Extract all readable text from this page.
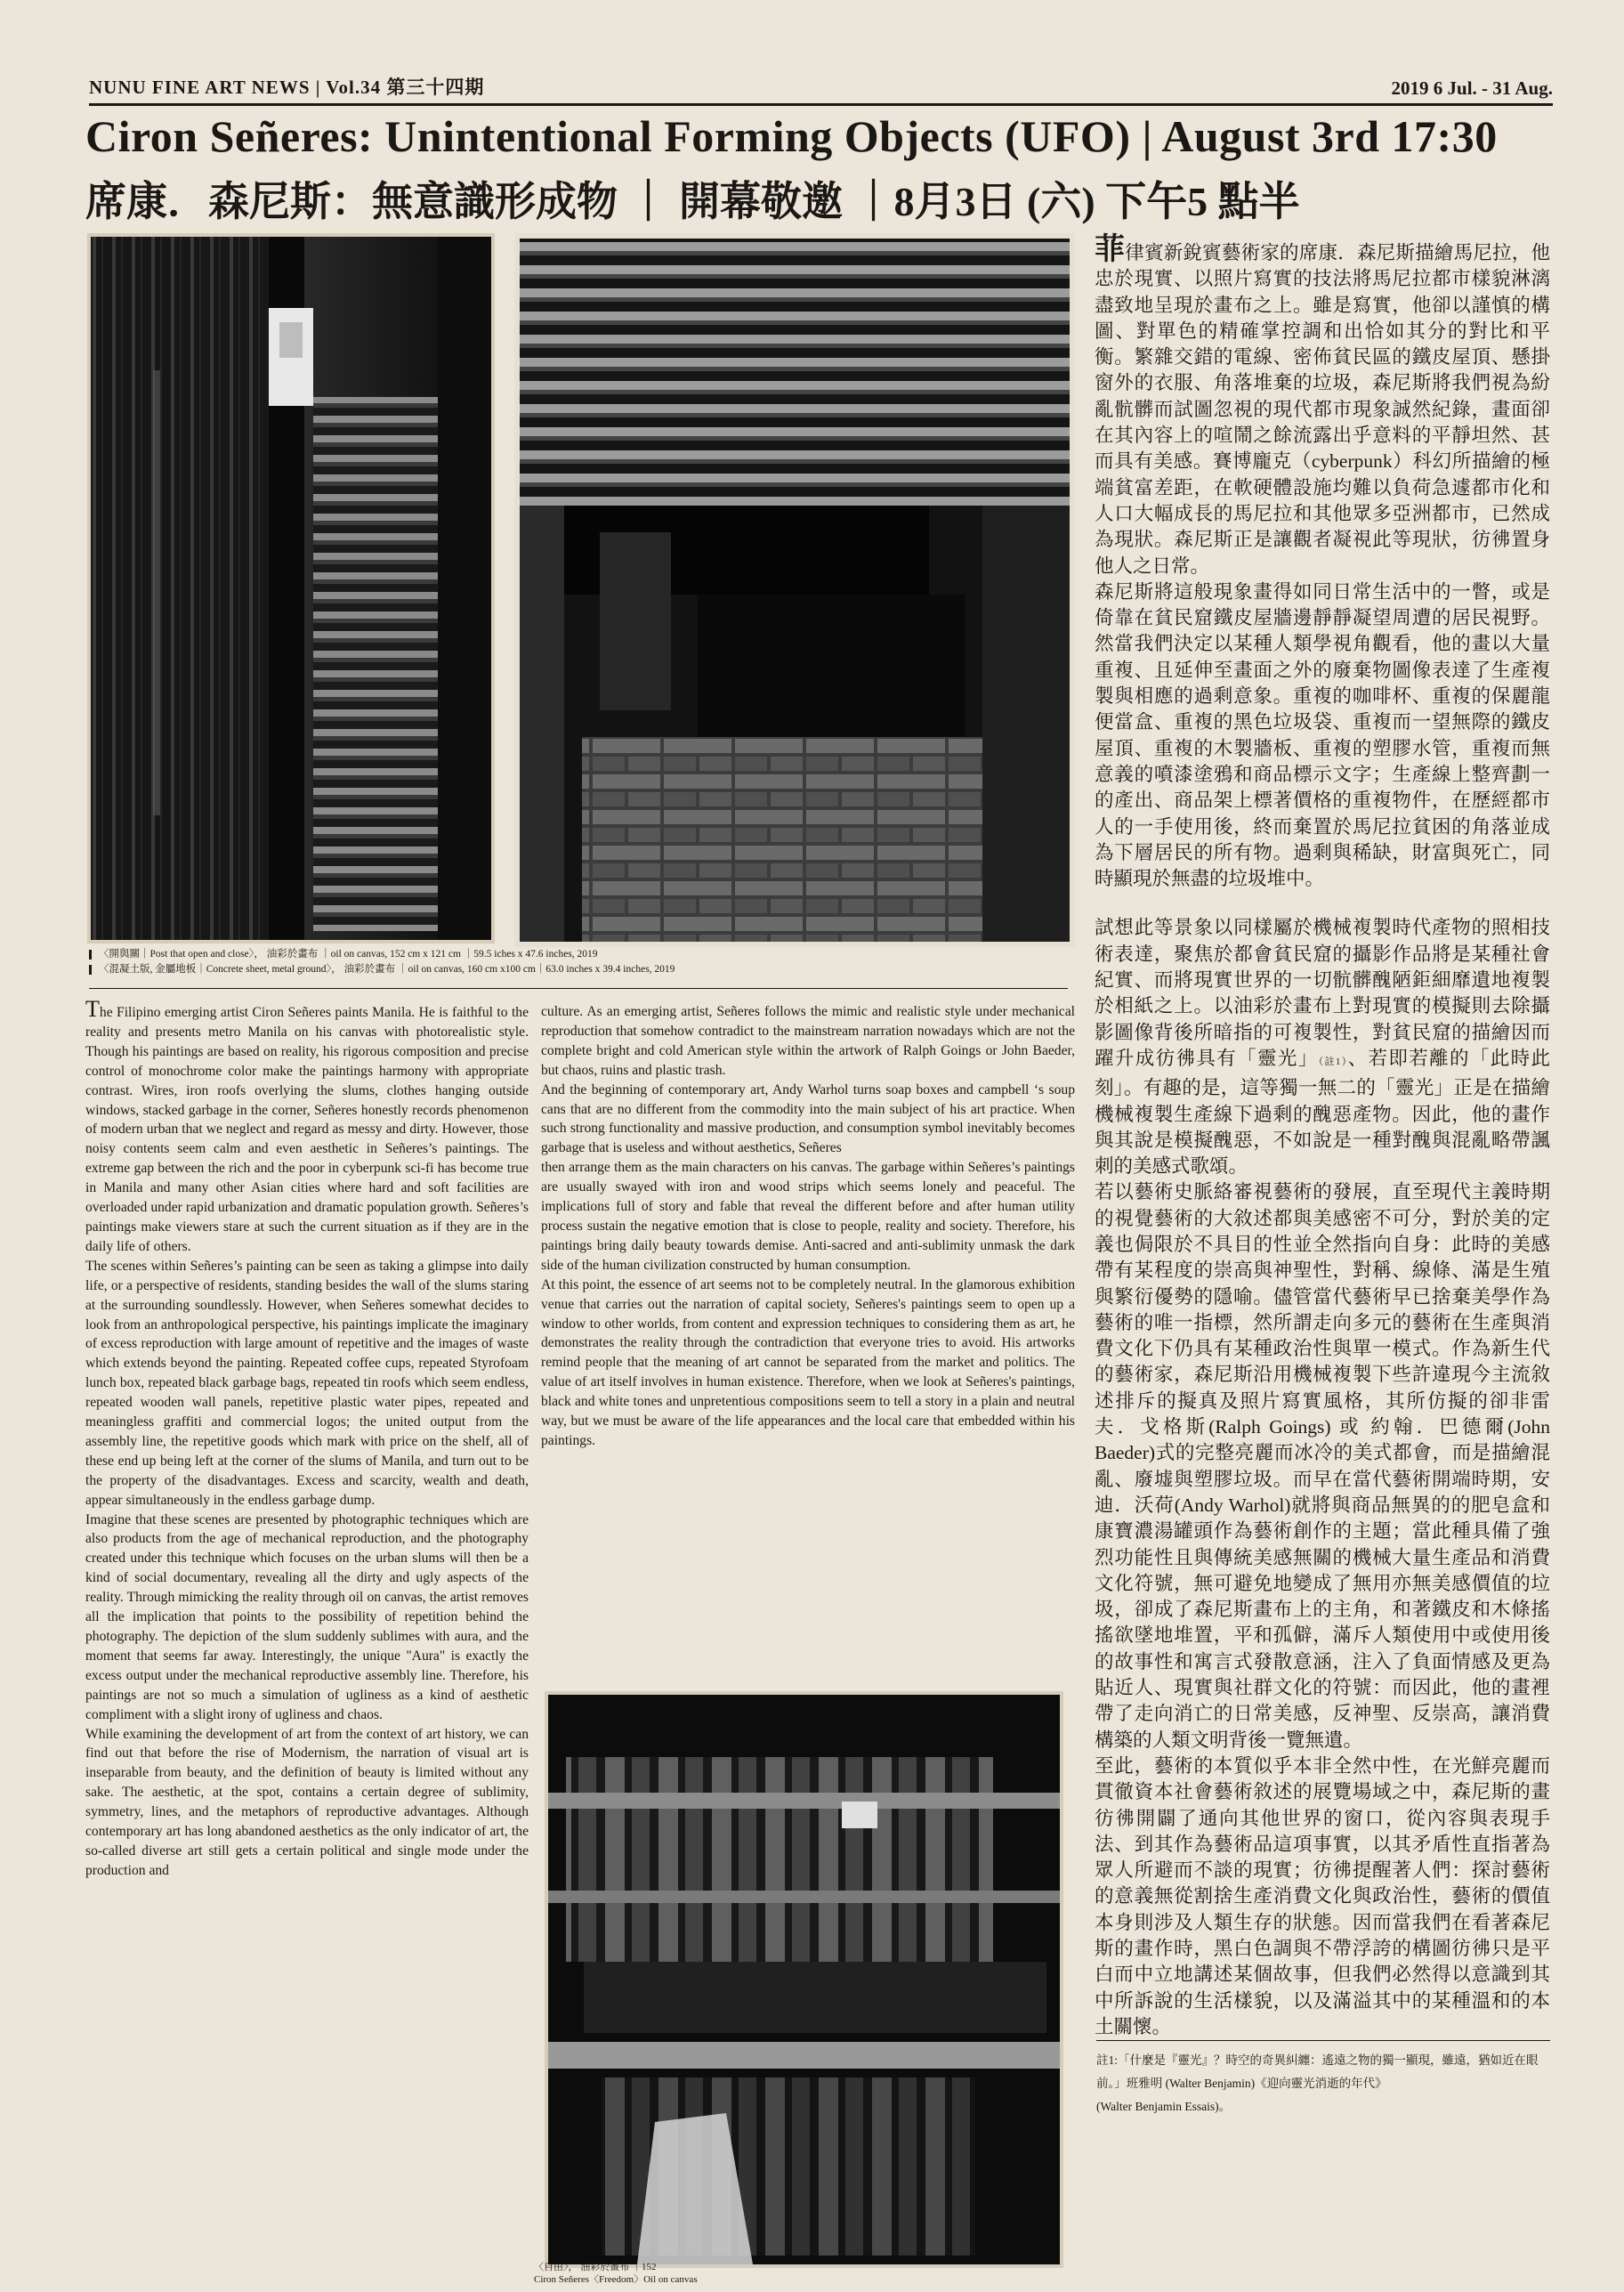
NUNU FINE ART NEWS | Vol.34 第三十四期	2019 6 Jul. - 31 Aug.
Ciron Señeres: Unintentional Forming Objects (UFO) | August 3rd 17:30
席康．森尼斯：無意識形成物 ｜ 開幕敬邀 ｜8月3日 (六) 下午5 點半
〈開與關｜Post that open and close〉， 油彩於畫布 ｜oil on canvas, 152 cm x 121 cm ｜59.5 iches x 47.6 inches, 2019
〈混凝土版, 金屬地板｜Concrete sheet, metal ground〉， 油彩於畫布 ｜oil on canvas, 160 cm x100 cm｜63.0 inches x 39.4 inches, 2019

The Filipino emerging artist Ciron Señeres paints Manila. He is faithful to the reality and presents metro Manila on his canvas with photorealistic style. Though his paintings are based on reality, his rigorous composition and precise control of monochrome color make the paintings harmony with appropriate contrast. Wires, iron roofs overlying the slums, clothes hanging outside windows, stacked garbage in the corner, Señeres honestly records phenomenon of modern urban that we neglect and regard as messy and dirty. However, those noisy contents seem calm and even aesthetic in Señeres’s paintings. The extreme gap between the rich and the poor in cyberpunk sci-fi has become true in Manila and many other Asian cities where hard and soft facilities are overloaded under rapid urbanization and dramatic population growth. Señeres’s paintings make viewers stare at such the current situation as if they are in the daily life of others.

The scenes within Señeres’s painting can be seen as taking a glimpse into daily life, or a perspective of residents, standing besides the wall of the slums staring at the surrounding soundlessly. However, when Señeres somewhat decides to look from an anthropological perspective, his paintings implicate the imaginary of excess reproduction with large amount of repetitive and the images of waste which extends beyond the painting. Repeated coffee cups, repeated Styrofoam lunch box, repeated black garbage bags, repeated tin roofs which seem endless, repeated wooden wall panels, repetitive plastic water pipes, repeated and meaningless graffiti and commercial logos; the united output from the assembly line, the repetitive goods which mark with price on the shelf, all of these end up being left at the corner of the slums of Manila, and turn out to be the property of the disadvantages. Excess and scarcity, wealth and death, appear simultaneously in the endless garbage dump.

Imagine that these scenes are presented by photographic techniques which are also products from the age of mechanical reproduction, and the photography created under this technique which focuses on the urban slums will then be a kind of social documentary, revealing all the dirty and ugly aspects of the reality. Through mimicking the reality through oil on canvas, the artist removes all the implication that points to the possibility of repetition behind the photography. The depiction of the slum suddenly sublimes with aura, and the moment that seems far away. Interestingly, the unique "Aura" is exactly the excess output under the mechanical reproductive assembly line. Therefore, his paintings are not so much a simulation of ugliness as a kind of aesthetic compliment with a slight irony of ugliness and chaos.

While examining the development of art from the context of art history, we can find out that before the rise of Modernism, the narration of visual art is inseparable from beauty, and the definition of beauty is limited without any sake. The aesthetic, at the spot, contains a certain degree of sublimity, symmetry, lines, and the metaphors of reproductive advantages. Although contemporary art has long abandoned aesthetics as the only indicator of art, the so-called diverse art still gets a certain political and single mode under the production and

culture. As an emerging artist, Señeres follows the mimic and realistic style under mechanical reproduction that somehow contradict to the mainstream narration nowadays which are not the complete bright and cold American style within the artwork of Ralph Goings or John Baeder, but chaos, ruins and plastic trash.

And the beginning of contemporary art, Andy Warhol turns soap boxes and campbell ‘s soup cans that are no different from the commodity into the main subject of his art practice. When such strong functionality and massive production, and consumption symbol inevitably becomes garbage that is useless and without aesthetics, Señeres

then arrange them as the main characters on his canvas. The garbage within Señeres’s paintings are usually swayed with iron and wood strips which seems lonely and peaceful. The implications full of story and fable that reveal the different before and after human utility process sustain the negative emotion that is close to people, reality and society. Therefore, his paintings bring daily beauty towards demise. Anti-sacred and anti-sublimity unmask the dark side of the human civilization constructed by human consumption.

At this point, the essence of art seems not to be completely neutral. In the glamorous exhibition venue that carries out the narration of capital society, Señeres's paintings seem to open up a window to other worlds, from content and expression techniques to considering them as art, he demonstrates the reality through the contradiction that everyone tries to avoid. His artworks remind people that the meaning of art cannot be separated from the market and politics. The value of art itself involves in human existence. Therefore, when we look at Señeres's paintings, black and white tones and unpretentious compositions seem to tell a story in a plain and neutral way, but we must be aware of the life appearances and the local care that embedded within his paintings.

〈自由〉， 油彩於畫布 ｜152
Ciron Señeres〈Freedom〉Oil on canvas

菲律賓新銳賓藝術家的席康．森尼斯描繪馬尼拉，他忠於現實、以照片寫實的技法將馬尼拉都市樣貌淋漓盡致地呈現於畫布之上。雖是寫實，他卻以謹慎的構圖、對單色的精確掌控調和出恰如其分的對比和平衡。繁雜交錯的電線、密佈貧民區的鐵皮屋頂、懸掛窗外的衣服、角落堆棄的垃圾，森尼斯將我們視為紛亂骯髒而試圖忽視的現代都市現象誠然紀錄，畫面卻在其內容上的喧鬧之餘流露出乎意料的平靜坦然、甚而具有美感。賽博龐克（cyberpunk）科幻所描繪的極端貧富差距，在軟硬體設施均難以負荷急遽都市化和人口大幅成長的馬尼拉和其他眾多亞洲都市，已然成為現狀。森尼斯正是讓觀者凝視此等現狀，彷彿置身他人之日常。

森尼斯將這般現象畫得如同日常生活中的一瞥，或是倚靠在貧民窟鐵皮屋牆邊靜靜凝望周遭的居民視野。然當我們決定以某種人類學視角觀看，他的畫以大量重複、且延伸至畫面之外的廢棄物圖像表達了生產複製與相應的過剩意象。重複的咖啡杯、重複的保麗龍便當盒、重複的黑色垃圾袋、重複而一望無際的鐵皮屋頂、重複的木製牆板、重複的塑膠水管，重複而無意義的噴漆塗鴉和商品標示文字；生產線上整齊劃一的產出、商品架上標著價格的重複物件，在歷經都市人的一手使用後，終而棄置於馬尼拉貧困的角落並成為下層居民的所有物。過剩與稀缺，財富與死亡，同時顯現於無盡的垃圾堆中。

試想此等景象以同樣屬於機械複製時代產物的照相技術表達，聚焦於都會貧民窟的攝影作品將是某種社會紀實、而將現實世界的一切骯髒醜陋鉅細靡遺地複製於相紙之上。以油彩於畫布上對現實的模擬則去除攝影圖像背後所暗指的可複製性，對貧民窟的描繪因而躍升成彷彿具有「靈光」（註1）、若即若離的「此時此刻」。有趣的是，這等獨一無二的「靈光」正是在描繪機械複製生產線下過剩的醜惡產物。因此，他的畫作與其說是模擬醜惡，不如說是一種對醜與混亂略帶諷刺的美感式歌頌。

若以藝術史脈絡審視藝術的發展，直至現代主義時期的視覺藝術的大敘述都與美感密不可分，對於美的定義也侷限於不具目的性並全然指向自身：此時的美感帶有某程度的崇高與神聖性，對稱、線條、滿是生殖與繁衍優勢的隱喻。儘管當代藝術早已捨棄美學作為藝術的唯一指標，然所謂走向多元的藝術在生產與消費文化下仍具有某種政治性與單一模式。作為新生代的藝術家，森尼斯沿用機械複製下些許違現今主流敘述排斥的擬真及照片寫實風格，其所仿擬的卻非雷夫．戈格斯(Ralph Goings) 或 約翰．巴德爾(John Baeder)式的完整亮麗而冰冷的美式都會，而是描繪混亂、廢墟與塑膠垃圾。而早在當代藝術開端時期，安迪．沃荷(Andy Warhol)就將與商品無異的的肥皂盒和康寶濃湯罐頭作為藝術創作的主題；當此種具備了強烈功能性且與傳統美感無關的機械大量生產品和消費文化符號，無可避免地變成了無用亦無美感價值的垃圾，卻成了森尼斯畫布上的主角，和著鐵皮和木條搖搖欲墜地堆置，平和孤僻，滿斥人類使用中或使用後的故事性和寓言式發散意涵，注入了負面情感及更為貼近人、現實與社群文化的符號：而因此，他的畫裡帶了走向消亡的日常美感，反神聖、反崇高，讓消費構築的人類文明背後一覽無遺。

至此，藝術的本質似乎本非全然中性，在光鮮亮麗而貫徹資本社會藝術敘述的展覽場域之中，森尼斯的畫彷彿開闢了通向其他世界的窗口，從內容與表現手法、到其作為藝術品這項事實，以其矛盾性直指著為眾人所避而不談的現實；彷彿提醒著人們：探討藝術的意義無從割捨生產消費文化與政治性，藝術的價值本身則涉及人類生存的狀態。因而當我們在看著森尼斯的畫作時，黑白色調與不帶浮誇的構圖彷彿只是平白而中立地講述某個故事，但我們必然得以意識到其中所訴說的生活樣貌，以及滿溢其中的某種溫和的本土關懷。

註1:「什麼是『靈光』？時空的奇異糾纏：遙遠之物的獨一顯現，雖遠，猶如近在眼前。」班雅明 (Walter Benjamin)《迎向靈光消逝的年代》
(Walter Benjamin Essais)。
